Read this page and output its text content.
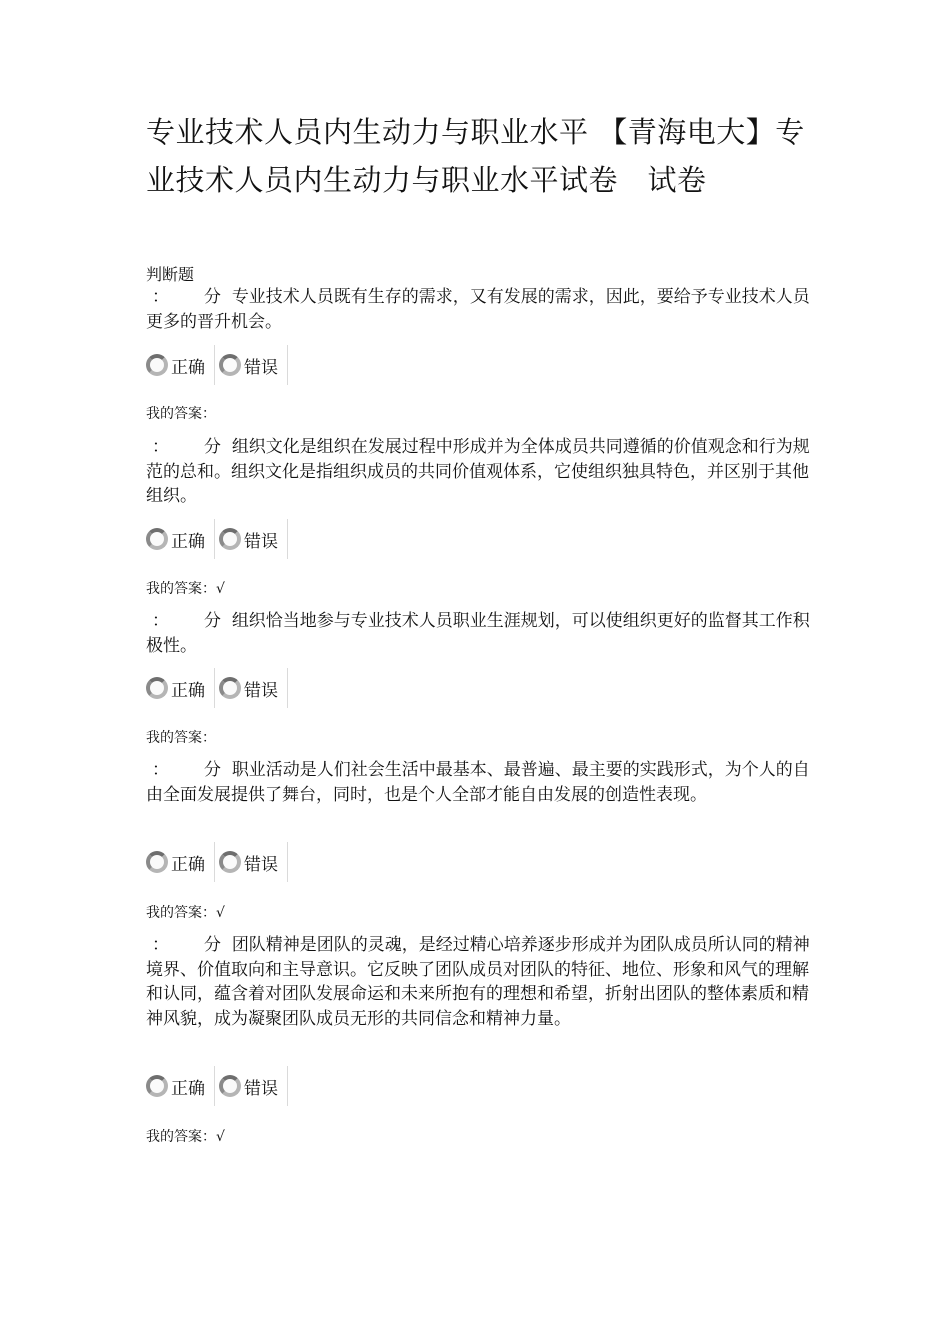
专业技术人员内生动力与职业水平 【青海电大】专业技术人员内生动力与职业水平试卷　试卷
判断题
： 分 专业技术人员既有生存的需求，又有发展的需求，因此，要给予专业技术人员更多的晋升机会。
正确 错误
我的答案：
： 分 组织文化是组织在发展过程中形成并为全体成员共同遵循的价值观念和行为规范的总和。组织文化是指组织成员的共同价值观体系，它使组织独具特色，并区别于其他组织。
正确 错误
我的答案：√
： 分 组织恰当地参与专业技术人员职业生涯规划，可以使组织更好的监督其工作积极性。
正确 错误
我的答案：
： 分 职业活动是人们社会生活中最基本、最普遍、最主要的实践形式，为个人的自由全面发展提供了舞台，同时，也是个人全部才能自由发展的创造性表现。
正确 错误
我的答案：√
： 分 团队精神是团队的灵魂，是经过精心培养逐步形成并为团队成员所认同的精神境界、价值取向和主导意识。它反映了团队成员对团队的特征、地位、形象和风气的理解和认同，蕴含着对团队发展命运和未来所抱有的理想和希望，折射出团队的整体素质和精神风貌，成为凝聚团队成员无形的共同信念和精神力量。
正确 错误
我的答案：√
